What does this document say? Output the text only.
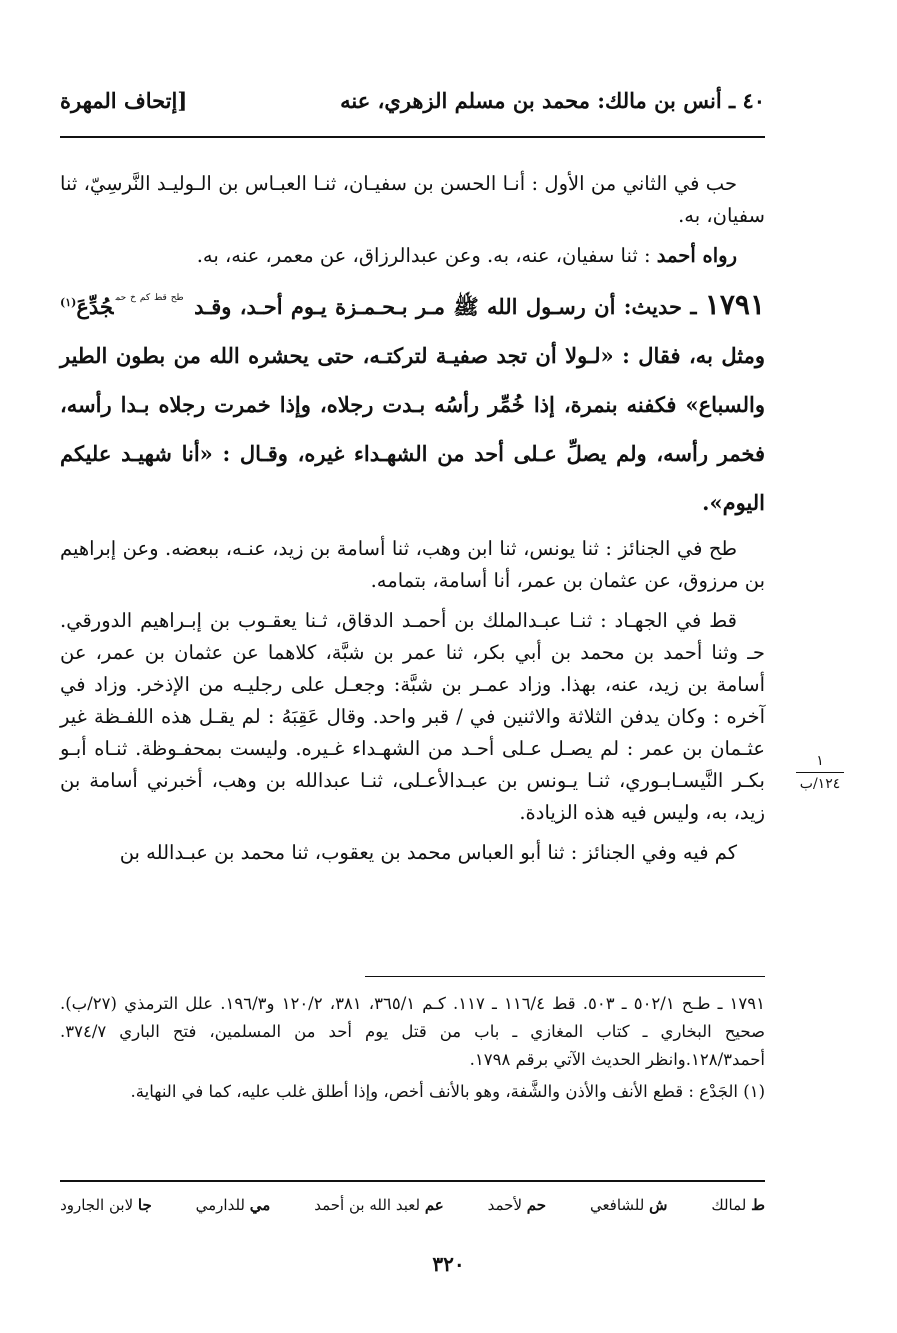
٤٠ ـ أنس بن مالك: محمد بن مسلم الزهري، عنه
[إتحاف المهرة

حب في الثاني من الأول : أنـا الحسن بن سفيـان، ثنـا العبـاس بن الـوليـد النَّرسِيّ، ثنا سفيان، به.

رواه أحمد : ثنا سفيان، عنه، به. وعن عبدالرزاق، عن معمر، عنه، به.

١٧٩١ ـ حديث: أن رسـول الله ﷺ مـر بـحـمـزة يـوم أحـد، وقـد $^{طح قط كم خ حم}$جُدِّعَ$^{(١)}$ ومثل به، فقال : «لـولا أن تجد صفيـة لتركتـه، حتى يحشره الله من بطون الطير والسباع» فكفنه بنمرة، إذا خُمِّر رأسُه بـدت رجلاه، وإذا خمرت رجلاه بـدا رأسه، فخمر رأسه، ولم يصلِّ عـلى أحد من الشهـداء غيره، وقـال : «أنا شهيـد عليكم اليوم».

طح في الجنائز : ثنا يونس، ثنا ابن وهب، ثنا أسامة بن زيد، عنـه، ببعضه. وعن إبراهيم بن مرزوق، عن عثمان بن عمر، أنا أسامة، بتمامه.

قط في الجهـاد : ثنـا عبـدالملك بن أحمـد الدقاق، ثـنا يعقـوب بن إبـراهيم الدورقي. حـ وثنا أحمد بن محمد بن أبي بكر، ثنا عمر بن شبَّة، كلاهما عن عثمان بن عمر، عن أسامة بن زيد، عنه، بهذا. وزاد عمـر بن شبَّة: وجعـل على رجليـه من الإذخر. وزاد في آخره : وكان يدفن الثلاثة والاثنين في / قبر واحد. وقال عَقِبَهُ : لم يقـل هذه اللفـظة غير عثـمان بن عمر : لم يصـل عـلى أحـد من الشهـداء غـيره. وليست بمحفـوظة. ثنـاه أبـو بكـر النَّيسـابـوري، ثنـا يـونس بن عبـدالأعـلى، ثنـا عبدالله بن وهب، أخبرني أسامة بن زيد، به، وليس فيه هذه الزيادة.

كم فيه وفي الجنائز : ثنا أبو العباس محمد بن يعقوب، ثنا محمد بن عبـدالله بن

١
١٢٤/ب

١٧٩١ ـ طـح ٥٠٢/١ ـ ٥٠٣. قط ١١٦/٤ ـ ١١٧. كـم ٣٦٥/١، ٣٨١، ١٢٠/٢ و١٩٦/٣. علل الترمذي (٢٧/ب). صحيح البخاري ـ كتاب المغازي ـ باب من قتل يوم أحد من المسلمين، فتح الباري ٣٧٤/٧. أحمد١٢٨/٣.وانظر الحديث الآتي برقم ١٧٩٨.

(١) الجَدْع : قطع الأنف والأذن والشَّفة، وهو بالأنف أخص، وإذا أطلق غلب عليه، كما في النهاية.

ط لمالك
ش للشافعي
حم لأحمد
عم لعبد الله بن أحمد
مي للدارمي
جا لابن الجارود
٣٢٠
